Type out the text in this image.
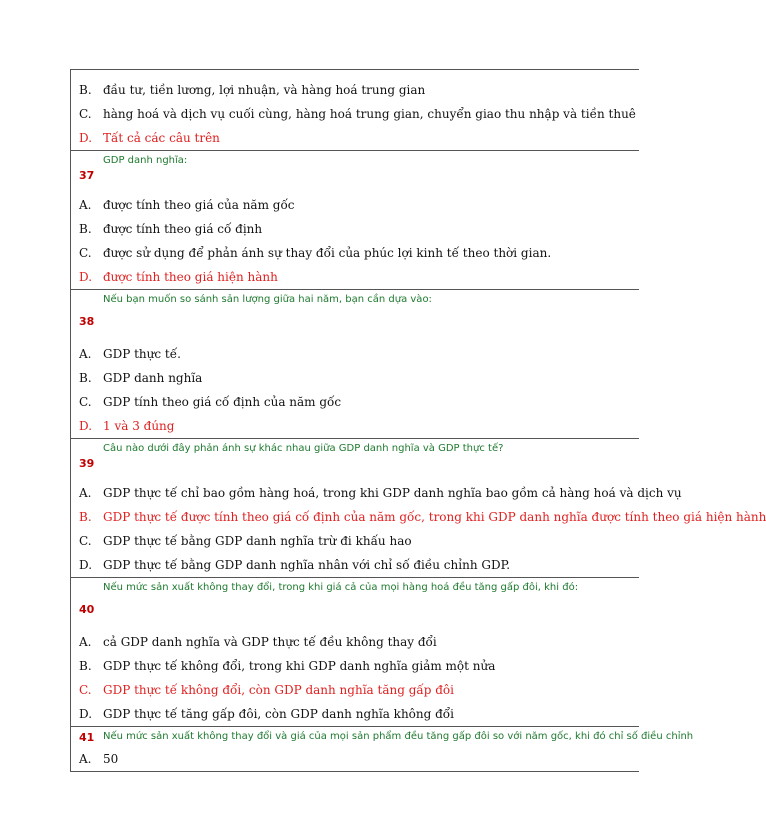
B. đầu tư, tiền lương, lợi nhuận, và hàng hoá trung gian
C. hàng hoá và dịch vụ cuối cùng, hàng hoá trung gian, chuyển giao thu nhập và tiền thuê
D. Tất cả các câu trên
GDP danh nghĩa:
37
A. được tính theo giá của năm gốc
B. được tính theo giá cố định
C. được sử dụng để phản ánh sự thay đổi của phúc lợi kinh tế theo thời gian.
D. được tính theo giá hiện hành
Nếu bạn muốn so sánh sản lượng giữa hai năm, bạn cần dựa vào:
38
A. GDP thực tế.
B. GDP danh nghĩa
C. GDP tính theo giá cố định của năm gốc
D. 1 và 3 đúng
Câu nào dưới đây phản ánh sự khác nhau giữa GDP danh nghĩa và GDP thực tế?
39
A. GDP thực tế chỉ bao gồm hàng hoá, trong khi GDP danh nghĩa bao gồm cả hàng hoá và dịch vụ
B. GDP thực tế được tính theo giá cố định của năm gốc, trong khi GDP danh nghĩa được tính theo giá hiện hành
C. GDP thực tế bằng GDP danh nghĩa trừ đi khấu hao
D. GDP thực tế bằng GDP danh nghĩa nhân với chỉ số điều chỉnh GDP.
Nếu mức sản xuất không thay đổi, trong khi giá cả của mọi hàng hoá đều tăng gấp đôi, khi đó:
40
A. cả GDP danh nghĩa và GDP thực tế đều không thay đổi
B. GDP thực tế không đổi, trong khi GDP danh nghĩa giảm một nửa
C. GDP thực tế không đổi, còn GDP danh nghĩa tăng gấp đôi
D. GDP thực tế tăng gấp đôi, còn GDP danh nghĩa không đổi
41 Nếu mức sản xuất không thay đổi và giá của mọi sản phẩm đều tăng gấp đôi so với năm gốc, khi đó chỉ số điều chỉnh
A. 50
